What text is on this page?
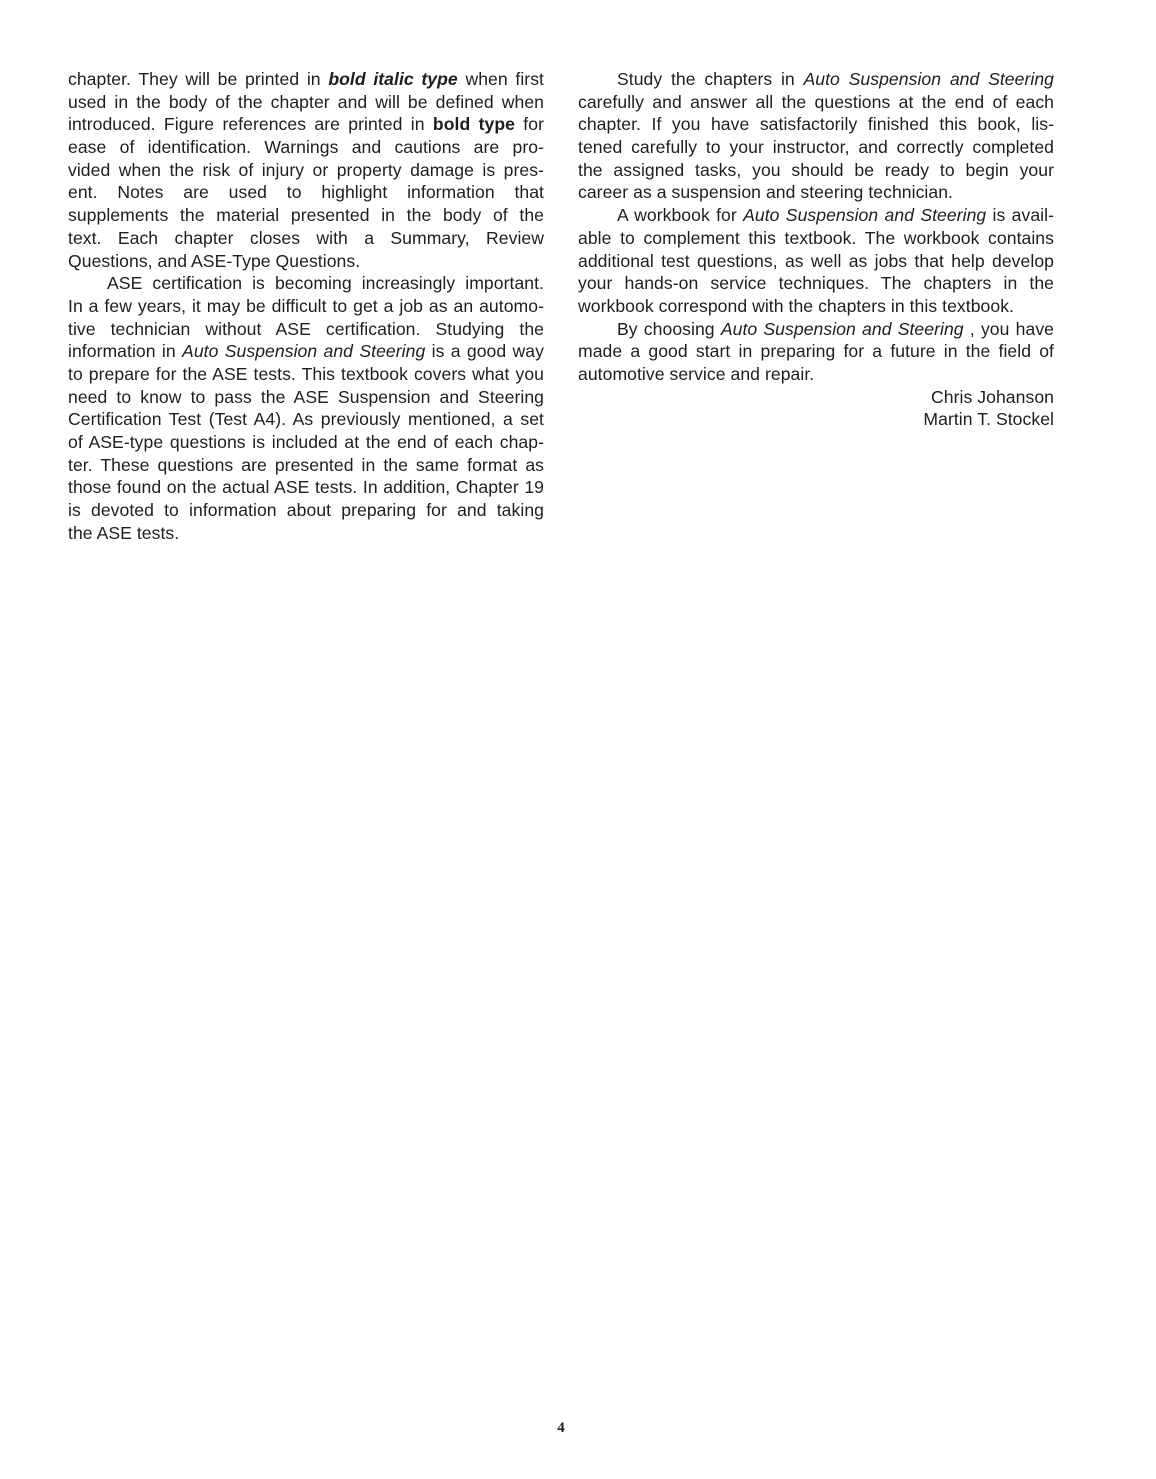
chapter. They will be printed in bold italic type when first
used in the body of the chapter and will be defined when
introduced. Figure references are printed in bold type for
ease of identification. Warnings and cautions are pro-
vided when the risk of injury or property damage is pres-
ent. Notes are used to highlight information that
supplements the material presented in the body of the
text. Each chapter closes with a Summary, Review
Questions, and ASE-Type Questions.
ASE certification is becoming increasingly important.
In a few years, it may be difficult to get a job as an automo-
tive technician without ASE certification. Studying the
information in Auto Suspension and Steering is a good way
to prepare for the ASE tests. This textbook covers what you
need to know to pass the ASE Suspension and Steering
Certification Test (Test A4). As previously mentioned, a set
of ASE-type questions is included at the end of each chap-
ter. These questions are presented in the same format as
those found on the actual ASE tests. In addition, Chapter 19
is devoted to information about preparing for and taking
the ASE tests.
Study the chapters in Auto Suspension and Steering
carefully and answer all the questions at the end of each
chapter. If you have satisfactorily finished this book, lis-
tened carefully to your instructor, and correctly completed
the assigned tasks, you should be ready to begin your
career as a suspension and steering technician.
A workbook for Auto Suspension and Steering is avail-
able to complement this textbook. The workbook contains
additional test questions, as well as jobs that help develop
your hands-on service techniques. The chapters in the
workbook correspond with the chapters in this textbook.
By choosing Auto Suspension and Steering , you have
made a good start in preparing for a future in the field of
automotive service and repair.
Chris Johanson
Martin T. Stockel
4
